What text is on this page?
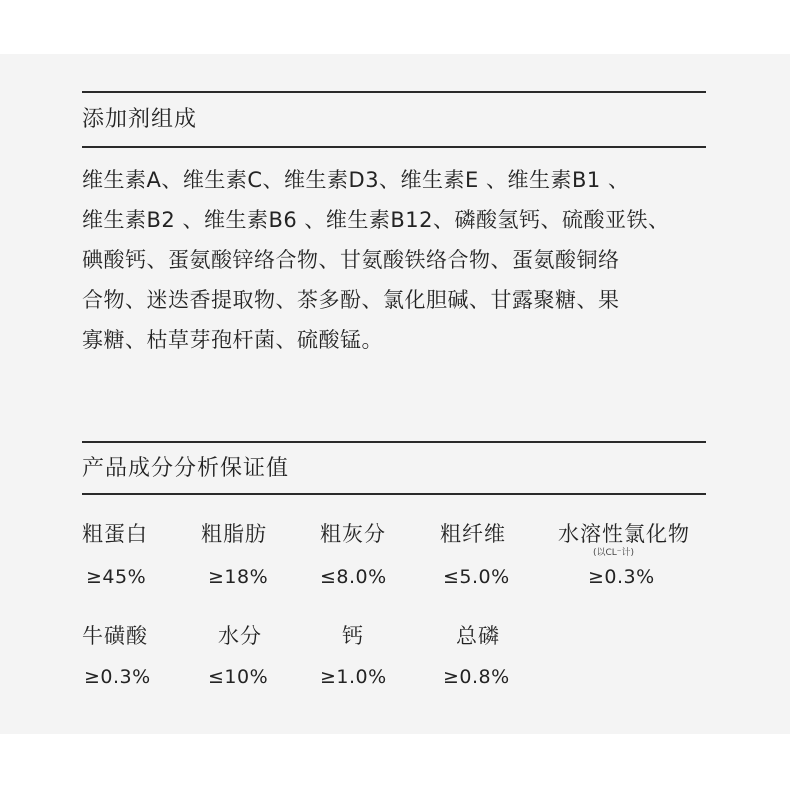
添加剂组成
维生素A、维生素C、维生素D3、维生素E 、维生素B1 、
维生素B2 、维生素B6 、维生素B12、磷酸氢钙、硫酸亚铁、
碘酸钙、蛋氨酸锌络合物、甘氨酸铁络合物、蛋氨酸铜络
合物、迷迭香提取物、茶多酚、氯化胆碱、甘露聚糖、果
寡糖、枯草芽孢杆菌、硫酸锰。
产品成分分析保证值
粗蛋白
≥45%
粗脂肪
≥18%
粗灰分
≤8.0%
粗纤维
≤5.0%
水溶性氯化物
(以CL⁻计)
≥0.3%
牛磺酸
≥0.3%
水分
≤10%
钙
≥1.0%
总磷
≥0.8%
